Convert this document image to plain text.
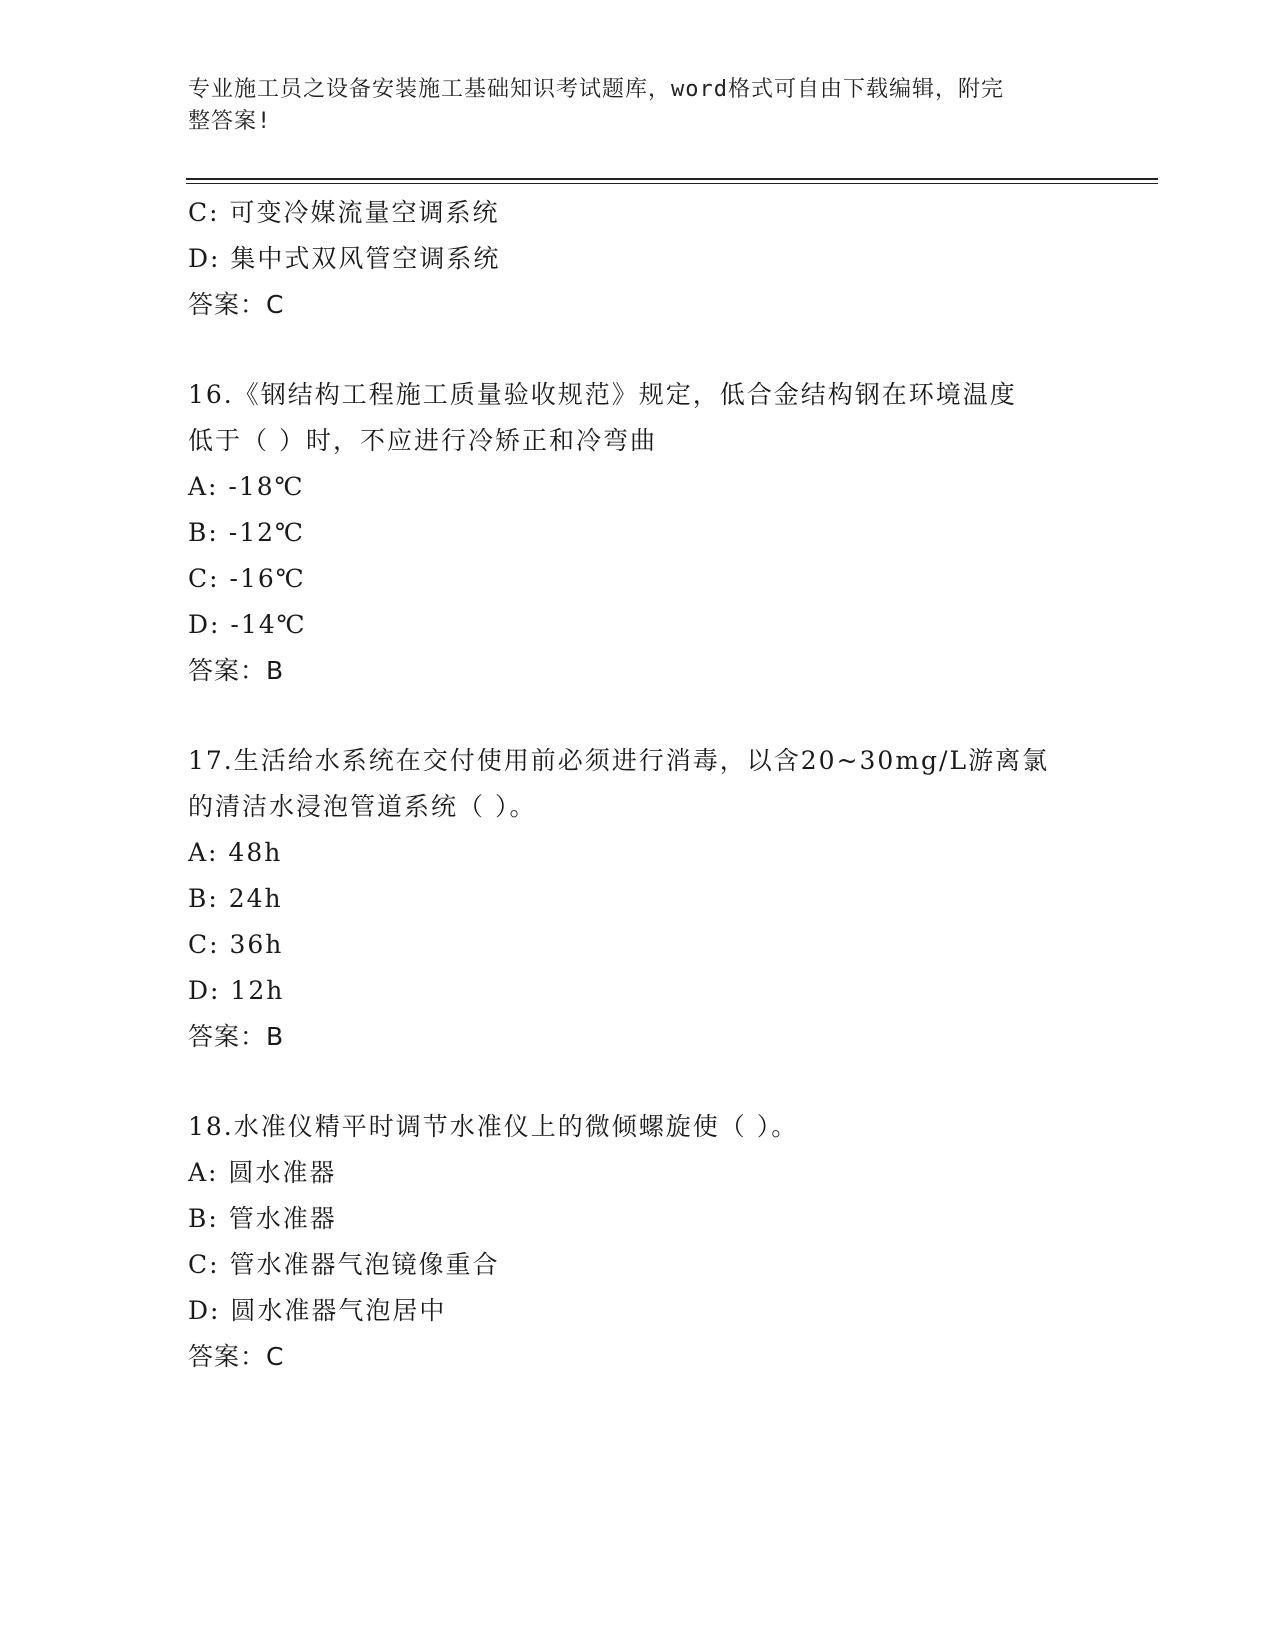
专业施工员之设备安装施工基础知识考试题库，word格式可自由下载编辑，附完
整答案!
C: 可变冷媒流量空调系统
D: 集中式双风管空调系统
答案：C
16.《钢结构工程施工质量验收规范》规定，低合金结构钢在环境温度
低于（ ）时，不应进行冷矫正和冷弯曲
A: -18℃
B: -12℃
C: -16℃
D: -14℃
答案：B
17.生活给水系统在交付使用前必须进行消毒，以含20~30mg/L游离氯
的清洁水浸泡管道系统（ ）。
A: 48h
B: 24h
C: 36h
D: 12h
答案：B
18.水准仪精平时调节水准仪上的微倾螺旋使（ ）。
A: 圆水准器
B: 管水准器
C: 管水准器气泡镜像重合
D: 圆水准器气泡居中
答案：C
